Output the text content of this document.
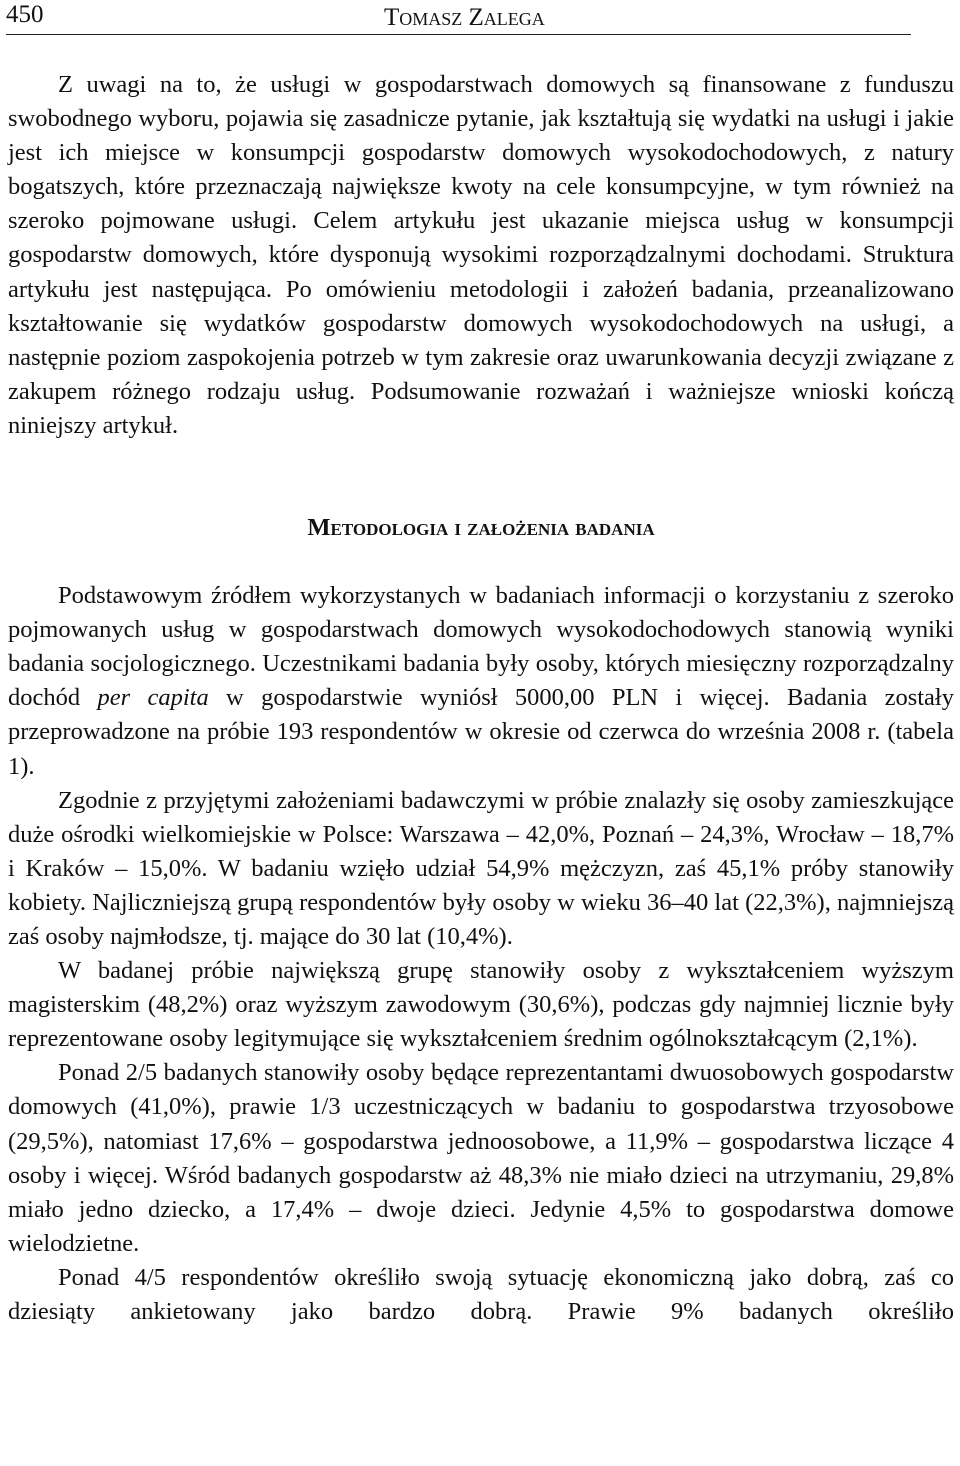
450	Tomasz Zalega

Z uwagi na to, że usługi w gospodarstwach domowych są finansowane z funduszu swobodnego wyboru, pojawia się zasadnicze pytanie, jak kształtują się wydatki na usługi i jakie jest ich miejsce w konsumpcji gospodarstw domowych wysokodochodowych, z natury bogatszych, które przeznaczają największe kwoty na cele konsumpcyjne, w tym również na szeroko pojmowane usługi. Celem artykułu jest ukazanie miejsca usług w konsumpcji gospodarstw domowych, które dysponują wysokimi rozporządzalnymi dochodami. Struktura artykułu jest następująca. Po omówieniu metodologii i założeń badania, przeanalizowano kształtowanie się wydatków gospodarstw domowych wysokodochodowych na usługi, a następnie poziom zaspokojenia potrzeb w tym zakresie oraz uwarunkowania decyzji związane z zakupem różnego rodzaju usług. Podsumowanie rozważań i ważniejsze wnioski kończą niniejszy artykuł.

Metodologia i założenia badania

Podstawowym źródłem wykorzystanych w badaniach informacji o korzystaniu z szeroko pojmowanych usług w gospodarstwach domowych wysokodochodowych stanowią wyniki badania socjologicznego. Uczestnikami badania były osoby, których miesięczny rozporządzalny dochód per capita w gospodarstwie wyniósł 5000,00 PLN i więcej. Badania zostały przeprowadzone na próbie 193 respondentów w okresie od czerwca do września 2008 r. (tabela 1).

Zgodnie z przyjętymi założeniami badawczymi w próbie znalazły się osoby zamieszkujące duże ośrodki wielkomiejskie w Polsce: Warszawa – 42,0%, Poznań – 24,3%, Wrocław – 18,7% i Kraków – 15,0%. W badaniu wzięło udział 54,9% mężczyzn, zaś 45,1% próby stanowiły kobiety. Najliczniejszą grupą respondentów były osoby w wieku 36–40 lat (22,3%), najmniejszą zaś osoby najmłodsze, tj. mające do 30 lat (10,4%).

W badanej próbie największą grupę stanowiły osoby z wykształceniem wyższym magisterskim (48,2%) oraz wyższym zawodowym (30,6%), podczas gdy najmniej licznie były reprezentowane osoby legitymujące się wykształceniem średnim ogólnokształcącym (2,1%).

Ponad 2/5 badanych stanowiły osoby będące reprezentantami dwuosobowych gospodarstw domowych (41,0%), prawie 1/3 uczestniczących w badaniu to gospodarstwa trzyosobowe (29,5%), natomiast 17,6% – gospodarstwa jednoosobowe, a 11,9% – gospodarstwa liczące 4 osoby i więcej. Wśród badanych gospodarstw aż 48,3% nie miało dzieci na utrzymaniu, 29,8% miało jedno dziecko, a 17,4% – dwoje dzieci. Jedynie 4,5% to gospodarstwa domowe wielodzietne.

Ponad 4/5 respondentów określiło swoją sytuację ekonomiczną jako dobrą, zaś co dziesiąty ankietowany jako bardzo dobrą. Prawie 9% badanych określiło
